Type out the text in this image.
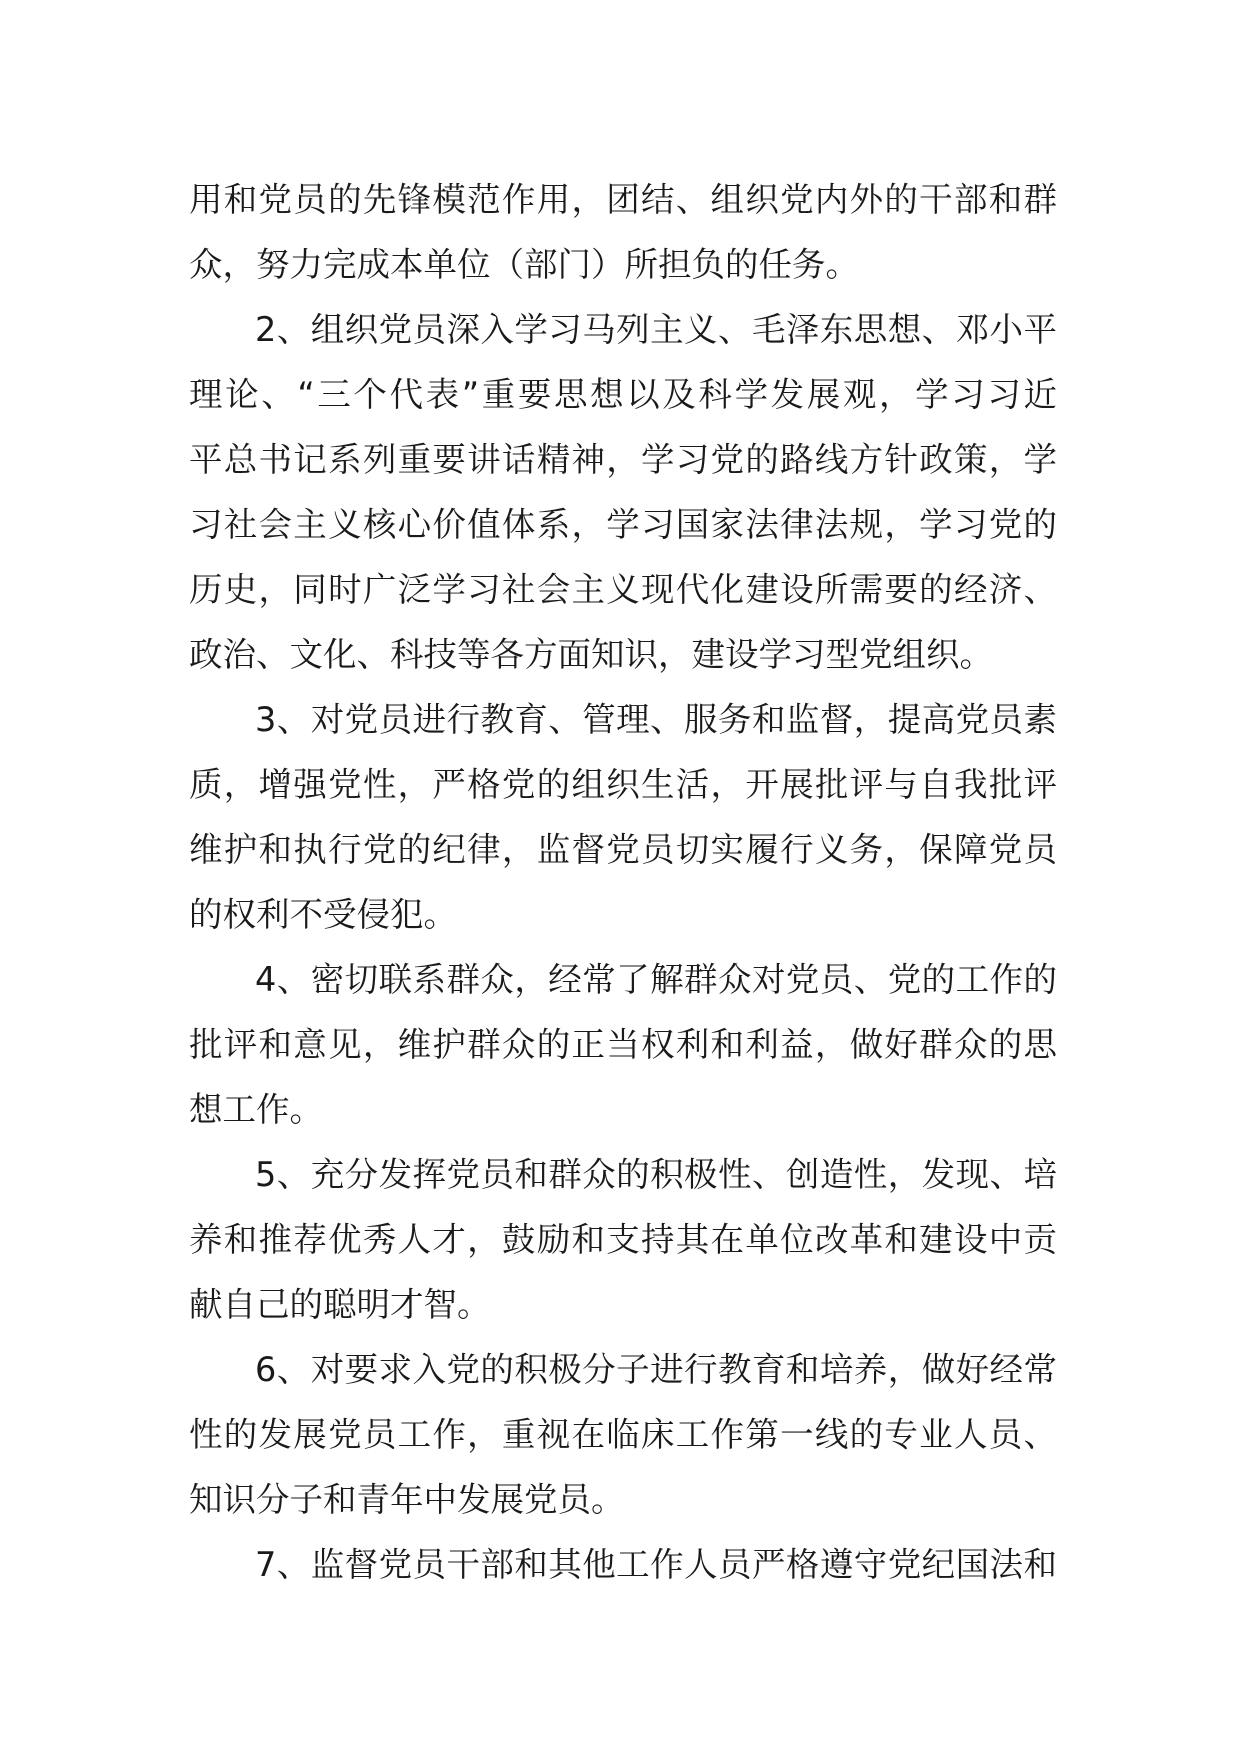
用和党员的先锋模范作用，团结、组织党内外的干部和群
众，努力完成本单位（部门）所担负的任务。
2、组织党员深入学习马列主义、毛泽东思想、邓小平
理论、“三个代表”重要思想以及科学发展观，学习习近
平总书记系列重要讲话精神，学习党的路线方针政策，学
习社会主义核心价值体系，学习国家法律法规，学习党的
历史，同时广泛学习社会主义现代化建设所需要的经济、
政治、文化、科技等各方面知识，建设学习型党组织。
3、对党员进行教育、管理、服务和监督，提高党员素
质，增强党性，严格党的组织生活，开展批评与自我批评
维护和执行党的纪律，监督党员切实履行义务，保障党员
的权利不受侵犯。
4、密切联系群众，经常了解群众对党员、党的工作的
批评和意见，维护群众的正当权利和利益，做好群众的思
想工作。
5、充分发挥党员和群众的积极性、创造性，发现、培
养和推荐优秀人才，鼓励和支持其在单位改革和建设中贡
献自己的聪明才智。
6、对要求入党的积极分子进行教育和培养，做好经常
性的发展党员工作，重视在临床工作第一线的专业人员、
知识分子和青年中发展党员。
7、监督党员干部和其他工作人员严格遵守党纪国法和
